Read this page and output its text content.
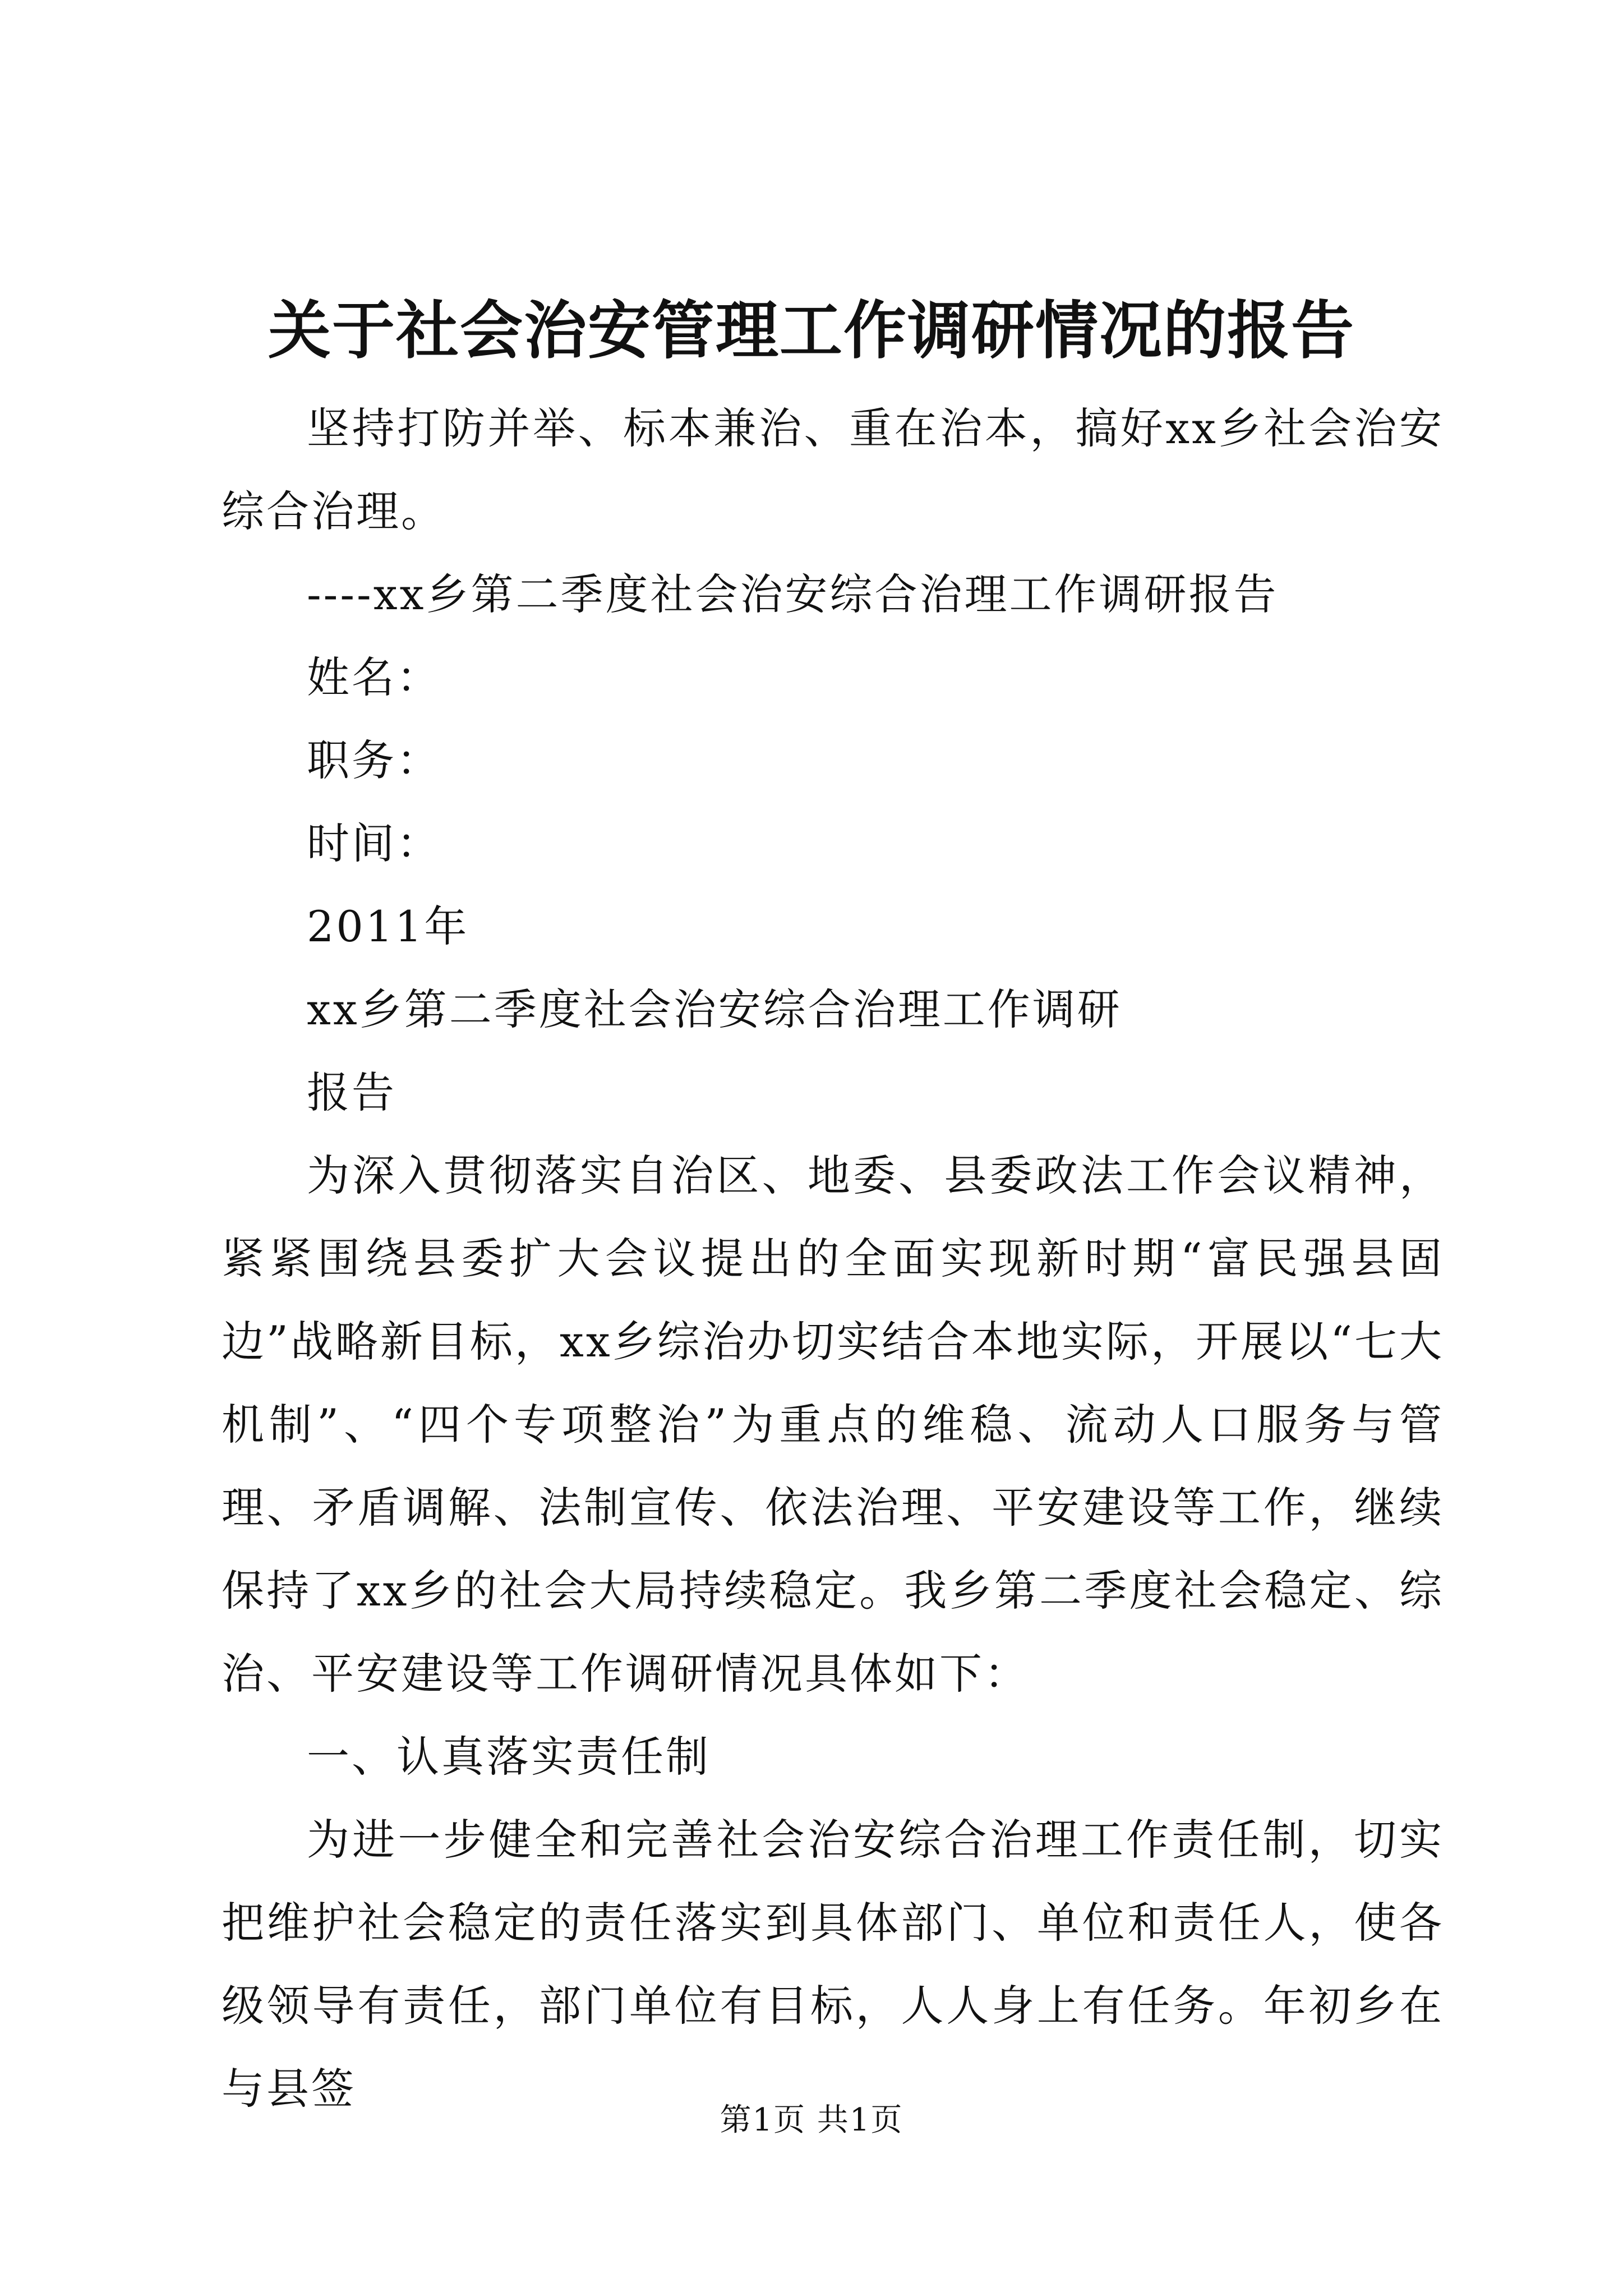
关于社会治安管理工作调研情况的报告

坚持打防并举、标本兼治、重在治本，搞好xx乡社会治安综合治理。

----xx乡第二季度社会治安综合治理工作调研报告

姓名：

职务：

时间：

2011年

xx乡第二季度社会治安综合治理工作调研

报告

为深入贯彻落实自治区、地委、县委政法工作会议精神，紧紧围绕县委扩大会议提出的全面实现新时期“富民强县固边”战略新目标，xx乡综治办切实结合本地实际，开展以“七大机制”、“四个专项整治”为重点的维稳、流动人口服务与管理、矛盾调解、法制宣传、依法治理、平安建设等工作，继续保持了xx乡的社会大局持续稳定。我乡第二季度社会稳定、综治、平安建设等工作调研情况具体如下：

一、认真落实责任制

为进一步健全和完善社会治安综合治理工作责任制，切实把维护社会稳定的责任落实到具体部门、单位和责任人，使各级领导有责任，部门单位有目标，人人身上有任务。年初乡在与县签

第1页 共1页
